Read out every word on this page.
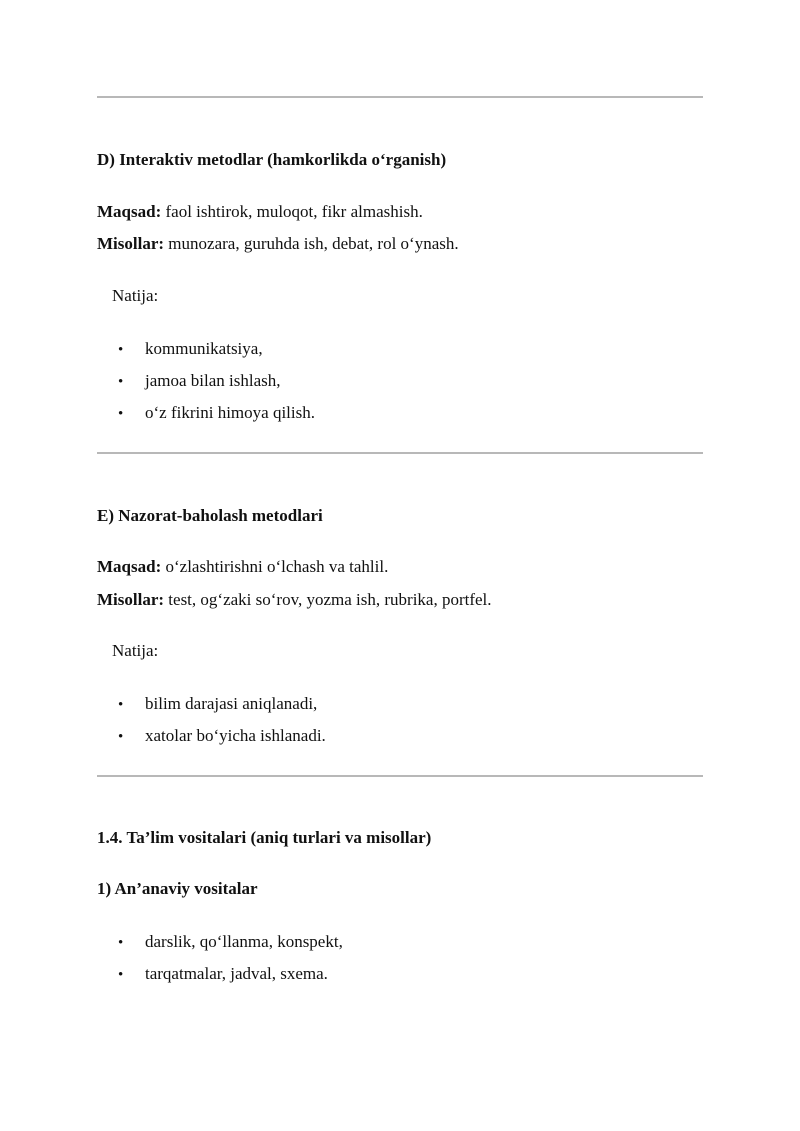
D) Interaktiv metodlar (hamkorlikda o‘rganish)
Maqsad: faol ishtirok, muloqot, fikr almashish.
Misollar: munozara, guruhda ish, debat, rol o‘ynash.
Natija:
• kommunikatsiya,
• jamoa bilan ishlash,
• o‘z fikrini himoya qilish.
E) Nazorat-baholash metodlari
Maqsad: o‘zlashtirishni o‘lchash va tahlil.
Misollar: test, og‘zaki so‘rov, yozma ish, rubrika, portfel.
Natija:
• bilim darajasi aniqlanadi,
• xatolar bo‘yicha ishlanadi.
1.4. Ta’lim vositalari (aniq turlari va misollar)
1) An’anaviy vositalar
• darslik, qo‘llanma, konspekt,
• tarqatmalar, jadval, sxema.
